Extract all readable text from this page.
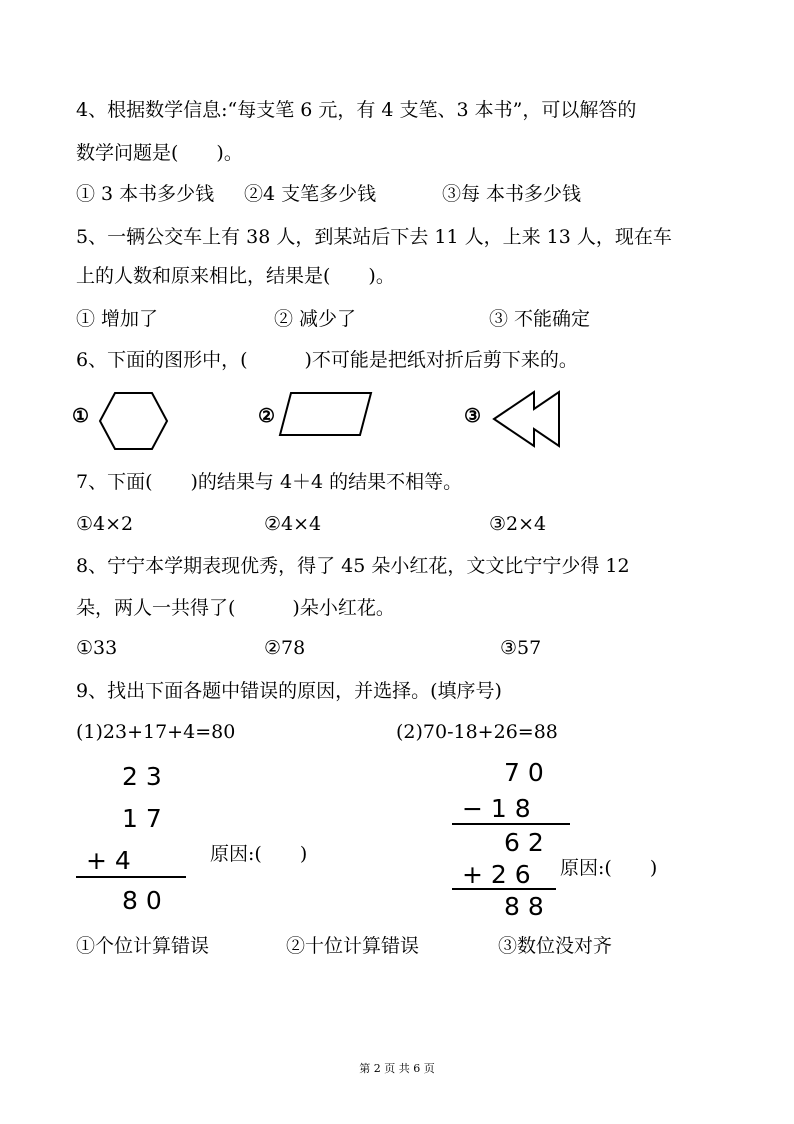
4、根据数学信息:“每支笔 6 元，有 4 支笔、3 本书”，可以解答的
数学问题是(　　)。
① 3 本书多少钱 ②4 支笔多少钱	③每 本书多少钱
5、一辆公交车上有 38 人，到某站后下去 11 人，上来 13 人，现在车
上的人数和原来相比，结果是(　　)。
① 增加了	② 减少了	③ 不能确定
6、下面的图形中，(　　　)不可能是把纸对折后剪下来的。
①	②	③
7、下面(　　)的结果与 4＋4 的结果不相等。
①4×2	②4×4	③2×4
8、宁宁本学期表现优秀，得了 45 朵小红花，文文比宁宁少得 12
朵，两人一共得了(　　　)朵小红花。
①33	②78	③57
9、找出下面各题中错误的原因，并选择。(填序号)
(1)23+17+4=80	(2)70-18+26=88
2 3
1 7
+ 4
8 0
原因:(　　)
7 0
− 1 8
6 2
+ 2 6
8 8
原因:(　　)
①个位计算错误	②十位计算错误	③数位没对齐
第 2 页 共 6 页
